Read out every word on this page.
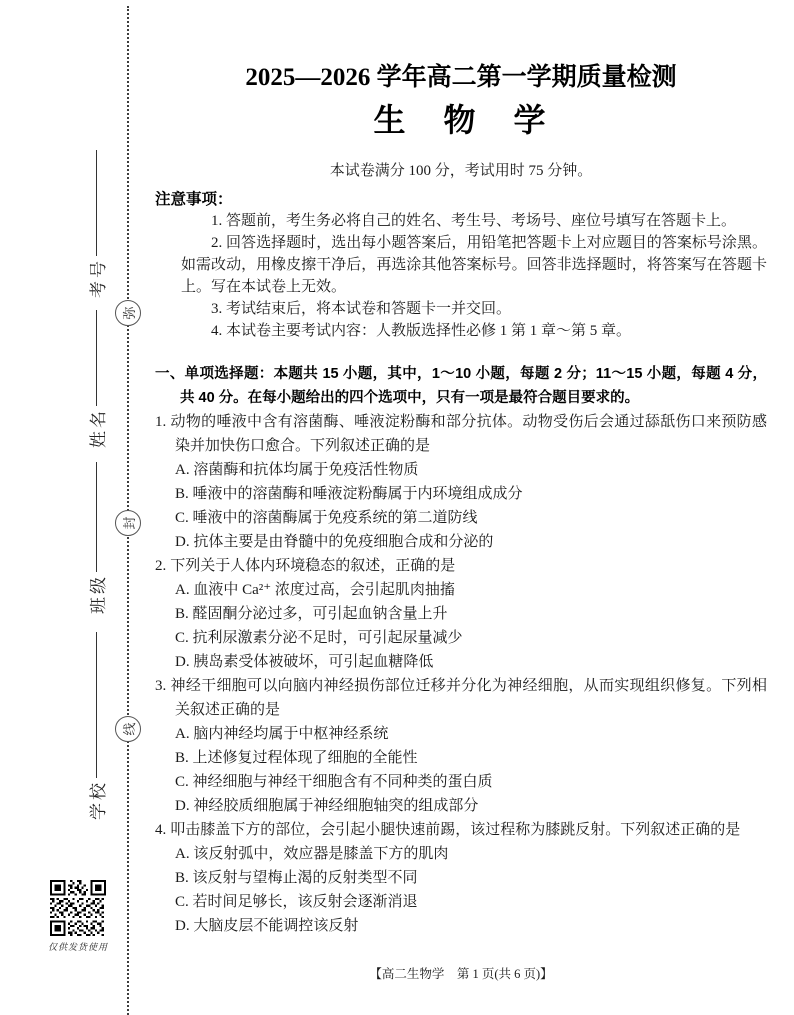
弥
封
线
考号
姓名
班级
学校
仅供发货使用
2025—2026 学年高二第一学期质量检测
生　物　学

本试卷满分 100 分，考试用时 75 分钟。

注意事项：

1. 答题前，考生务必将自己的姓名、考生号、考场号、座位号填写在答题卡上。

2. 回答选择题时，选出每小题答案后，用铅笔把答题卡上对应题目的答案标号涂黑。如需改动，用橡皮擦干净后，再选涂其他答案标号。回答非选择题时，将答案写在答题卡上。写在本试卷上无效。

3. 考试结束后，将本试卷和答题卡一并交回。

4. 本试卷主要考试内容：人教版选择性必修 1 第 1 章～第 5 章。

一、单项选择题：本题共 15 小题，其中，1～10 小题，每题 2 分；11～15 小题，每题 4 分，共 40 分。在每小题给出的四个选项中，只有一项是最符合题目要求的。

1. 动物的唾液中含有溶菌酶、唾液淀粉酶和部分抗体。动物受伤后会通过舔舐伤口来预防感染并加快伤口愈合。下列叙述正确的是

A. 溶菌酶和抗体均属于免疫活性物质

B. 唾液中的溶菌酶和唾液淀粉酶属于内环境组成成分

C. 唾液中的溶菌酶属于免疫系统的第二道防线

D. 抗体主要是由脊髓中的免疫细胞合成和分泌的

2. 下列关于人体内环境稳态的叙述，正确的是

A. 血液中 Ca²⁺ 浓度过高，会引起肌肉抽搐

B. 醛固酮分泌过多，可引起血钠含量上升

C. 抗利尿激素分泌不足时，可引起尿量减少

D. 胰岛素受体被破坏，可引起血糖降低

3. 神经干细胞可以向脑内神经损伤部位迁移并分化为神经细胞，从而实现组织修复。下列相关叙述正确的是

A. 脑内神经均属于中枢神经系统

B. 上述修复过程体现了细胞的全能性

C. 神经细胞与神经干细胞含有不同种类的蛋白质

D. 神经胶质细胞属于神经细胞轴突的组成部分

4. 叩击膝盖下方的部位，会引起小腿快速前踢，该过程称为膝跳反射。下列叙述正确的是

A. 该反射弧中，效应器是膝盖下方的肌肉

B. 该反射与望梅止渴的反射类型不同

C. 若时间足够长，该反射会逐渐消退

D. 大脑皮层不能调控该反射

【高二生物学　第 1 页(共 6 页)】
